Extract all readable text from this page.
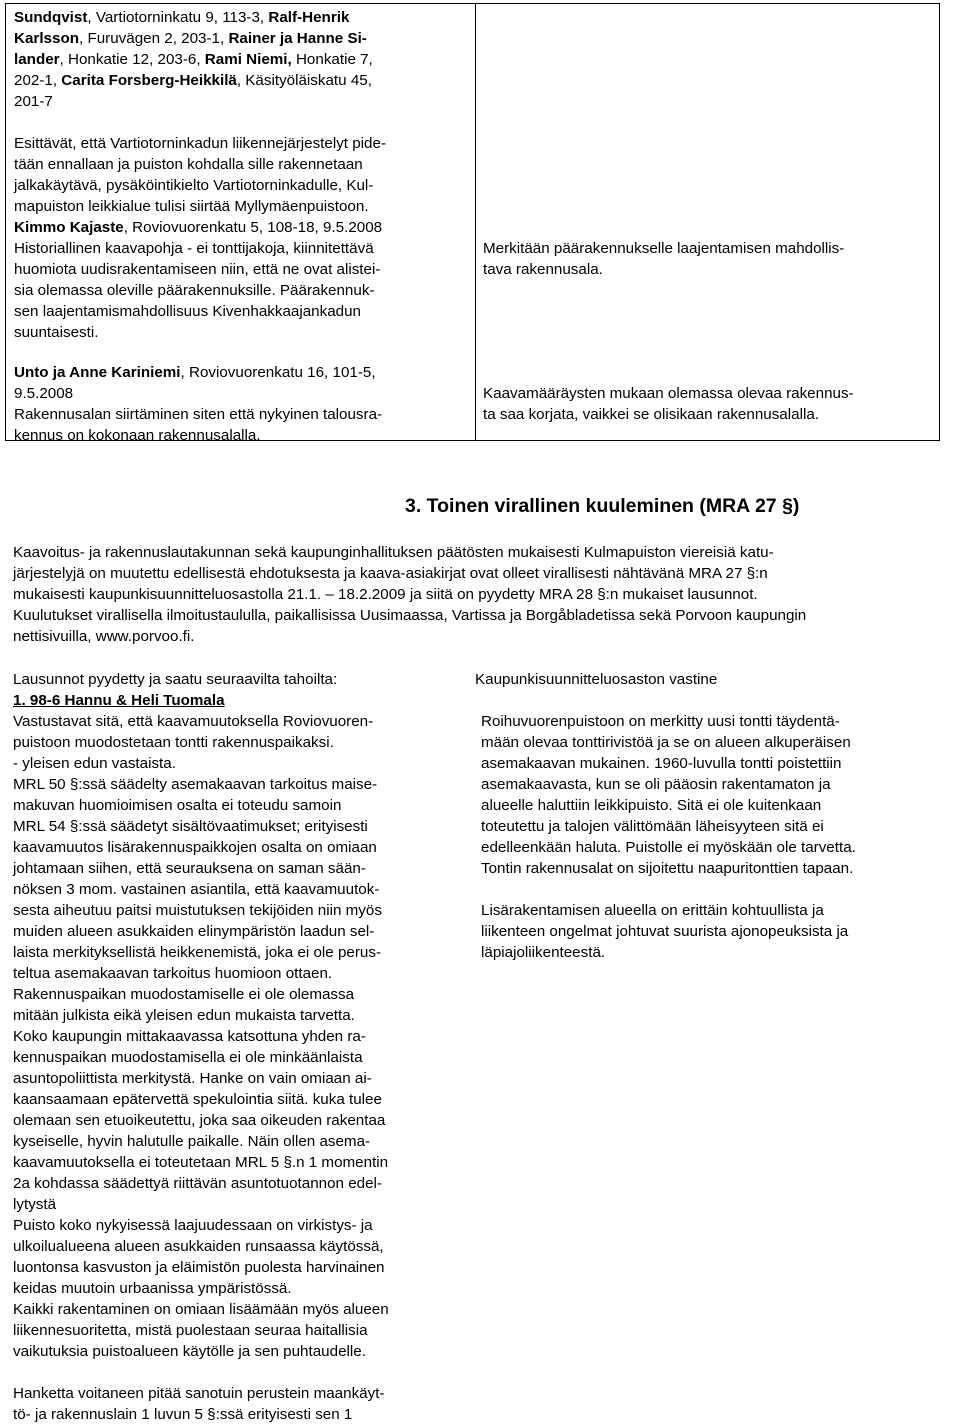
Sundqvist, Vartiotorninkatu 9, 113-3, Ralf-Henrik

Karlsson, Furuvägen 2, 203-1, Rainer ja Hanne Si-

lander, Honkatie 12, 203-6, Rami Niemi, Honkatie 7,

202-1, Carita Forsberg-Heikkilä, Käsityöläiskatu 45,

201-7

Esittävät, että Vartiotorninkadun liikennejärjestelyt pide-

tään ennallaan ja puiston kohdalla sille rakennetaan

jalkakäytävä, pysäköintikielto Vartiotorninkadulle, Kul-

mapuiston leikkialue tulisi siirtää Myllymäenpuistoon.

Kimmo Kajaste, Roviovuorenkatu 5, 108-18, 9.5.2008

Historiallinen kaavapohja - ei tonttijakoja, kiinnitettävä

huomiota uudisrakentamiseen niin, että ne ovat alistei-

sia olemassa oleville päärakennuksille. Päärakennuk-

sen laajentamismahdollisuus Kivenhakkaajankadun

suuntaisesti.

Merkitään päärakennukselle laajentamisen mahdollis-

tava rakennusala.

Unto ja Anne Kariniemi, Roviovuorenkatu 16, 101-5,

9.5.2008

Rakennusalan siirtäminen siten että nykyinen talousra-

kennus on kokonaan rakennusalalla.

Kaavamääräysten mukaan olemassa olevaa rakennus-

ta saa korjata, vaikkei se olisikaan rakennusalalla.

3. Toinen virallinen kuuleminen (MRA 27 §)

Kaavoitus- ja rakennuslautakunnan sekä kaupunginhallituksen päätösten mukaisesti Kulmapuiston viereisiä katu-

järjestelyjä on muutettu edellisestä ehdotuksesta ja kaava-asiakirjat ovat olleet virallisesti nähtävänä MRA 27 §:n

mukaisesti kaupunkisuunnitteluosastolla 21.1. – 18.2.2009 ja siitä on pyydetty MRA 28 §:n mukaiset lausunnot.

Kuulutukset virallisella ilmoitustaululla, paikallisissa Uusimaassa, Vartissa ja Borgåbladetissa sekä Porvoon kaupungin

nettisivuilla, www.porvoo.fi.

Lausunnot pyydetty ja saatu seuraavilta tahoilta:	Kaupunkisuunnitteluosaston vastine

1. 98-6 Hannu & Heli Tuomala

Vastustavat sitä, että kaavamuutoksella Roviovuoren-

puistoon muodostetaan tontti rakennuspaikaksi.

- yleisen edun vastaista.

MRL 50 §:ssä säädelty asemakaavan tarkoitus maise-

makuvan huomioimisen osalta ei toteudu samoin

MRL 54 §:ssä säädetyt sisältövaatimukset; erityisesti

kaavamuutos lisärakennuspaikkojen osalta on omiaan

johtamaan siihen, että seurauksena on saman sään-

nöksen 3 mom. vastainen asiantila, että kaavamuutok-

sesta aiheutuu paitsi muistutuksen tekijöiden niin myös

muiden alueen asukkaiden elinympäristön laadun sel-

laista merkityksellistä heikkenemistä, joka ei ole perus-

teltua asemakaavan tarkoitus huomioon ottaen.

Rakennuspaikan muodostamiselle ei ole olemassa

mitään julkista eikä yleisen edun mukaista tarvetta.

Koko kaupungin mittakaavassa katsottuna yhden ra-

kennuspaikan muodostamisella ei ole minkäänlaista

asuntopoliittista merkitystä. Hanke on vain omiaan ai-

kaansaamaan epätervettä spekulointia siitä. kuka tulee

olemaan sen etuoikeutettu, joka saa oikeuden rakentaa

kyseiselle, hyvin halutulle paikalle. Näin ollen asema-

kaavamuutoksella ei toteutetaan MRL 5 §.n 1 momentin

2a kohdassa säädettyä riittävän asuntotuotannon edel-

lytystä

Puisto koko nykyisessä laajuudessaan on virkistys- ja

ulkoilualueena alueen asukkaiden runsaassa käytössä,

luontonsa kasvuston ja eläimistön puolesta harvinainen

keidas muutoin urbaanissa ympäristössä.

Kaikki rakentaminen on omiaan lisäämään myös alueen

liikennesuoritetta, mistä puolestaan seuraa haitallisia

vaikutuksia puistoalueen käytölle ja sen puhtaudelle.

Hanketta voitaneen pitää sanotuin perustein maankäyt-

tö- ja rakennuslain 1 luvun 5 §:ssä erityisesti sen 1

Roihuvuorenpuistoon on merkitty uusi tontti täydentä-

mään olevaa tonttirivistöä ja se on alueen alkuperäisen

asemakaavan mukainen. 1960-luvulla tontti poistettiin

asemakaavasta, kun se oli pääosin rakentamaton ja

alueelle haluttiin leikkipuisto. Sitä ei ole kuitenkaan

toteutettu ja talojen välittömään läheisyyteen sitä ei

edelleenkään haluta. Puistolle ei myöskään ole tarvetta.

Tontin rakennusalat on sijoitettu naapuritonttien tapaan.

Lisärakentamisen alueella on erittäin kohtuullista ja

liikenteen ongelmat johtuvat suurista ajonopeuksista ja

läpiajoliikenteestä.
